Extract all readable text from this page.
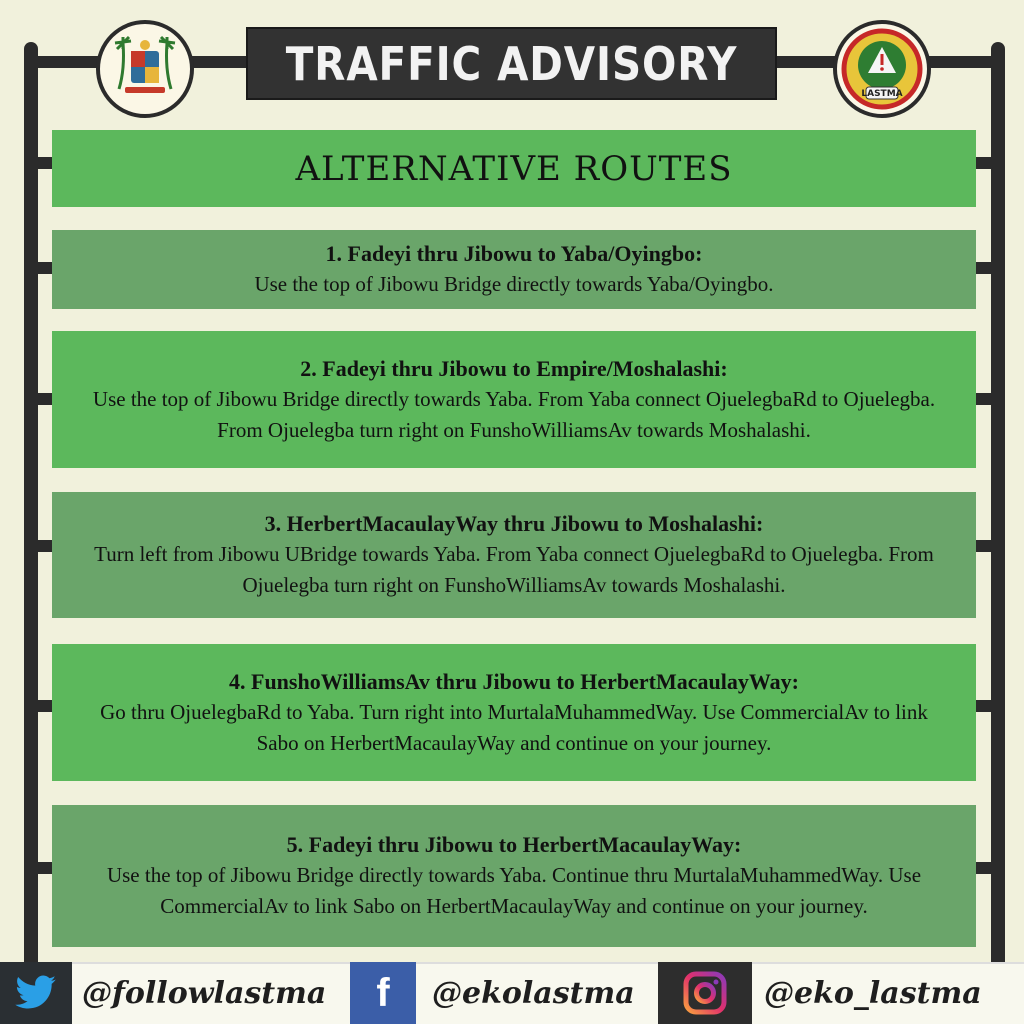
TRAFFIC ADVISORY
LASTMA
ALTERNATIVE ROUTES
1. Fadeyi thru Jibowu to Yaba/Oyingbo:
Use the top of Jibowu Bridge directly towards Yaba/Oyingbo.
2. Fadeyi thru Jibowu to Empire/Moshalashi:
Use the top of Jibowu Bridge directly towards Yaba. From Yaba connect OjuelegbaRd to Ojuelegba. From Ojuelegba turn right on FunshoWilliamsAv towards Moshalashi.
3. HerbertMacaulayWay thru Jibowu to Moshalashi:
Turn left from Jibowu UBridge towards Yaba. From Yaba connect OjuelegbaRd to Ojuelegba. From Ojuelegba turn right on FunshoWilliamsAv towards Moshalashi.
4. FunshoWilliamsAv thru Jibowu to HerbertMacaulayWay:
Go thru OjuelegbaRd to Yaba. Turn right into MurtalaMuhammedWay. Use CommercialAv to link Sabo on HerbertMacaulayWay and continue on your journey.
5. Fadeyi thru Jibowu to HerbertMacaulayWay:
Use the top of Jibowu Bridge directly towards Yaba. Continue thru MurtalaMuhammedWay. Use CommercialAv to link Sabo on HerbertMacaulayWay and continue on your journey.
@followlastma	f @ekolastma	@eko_lastma
